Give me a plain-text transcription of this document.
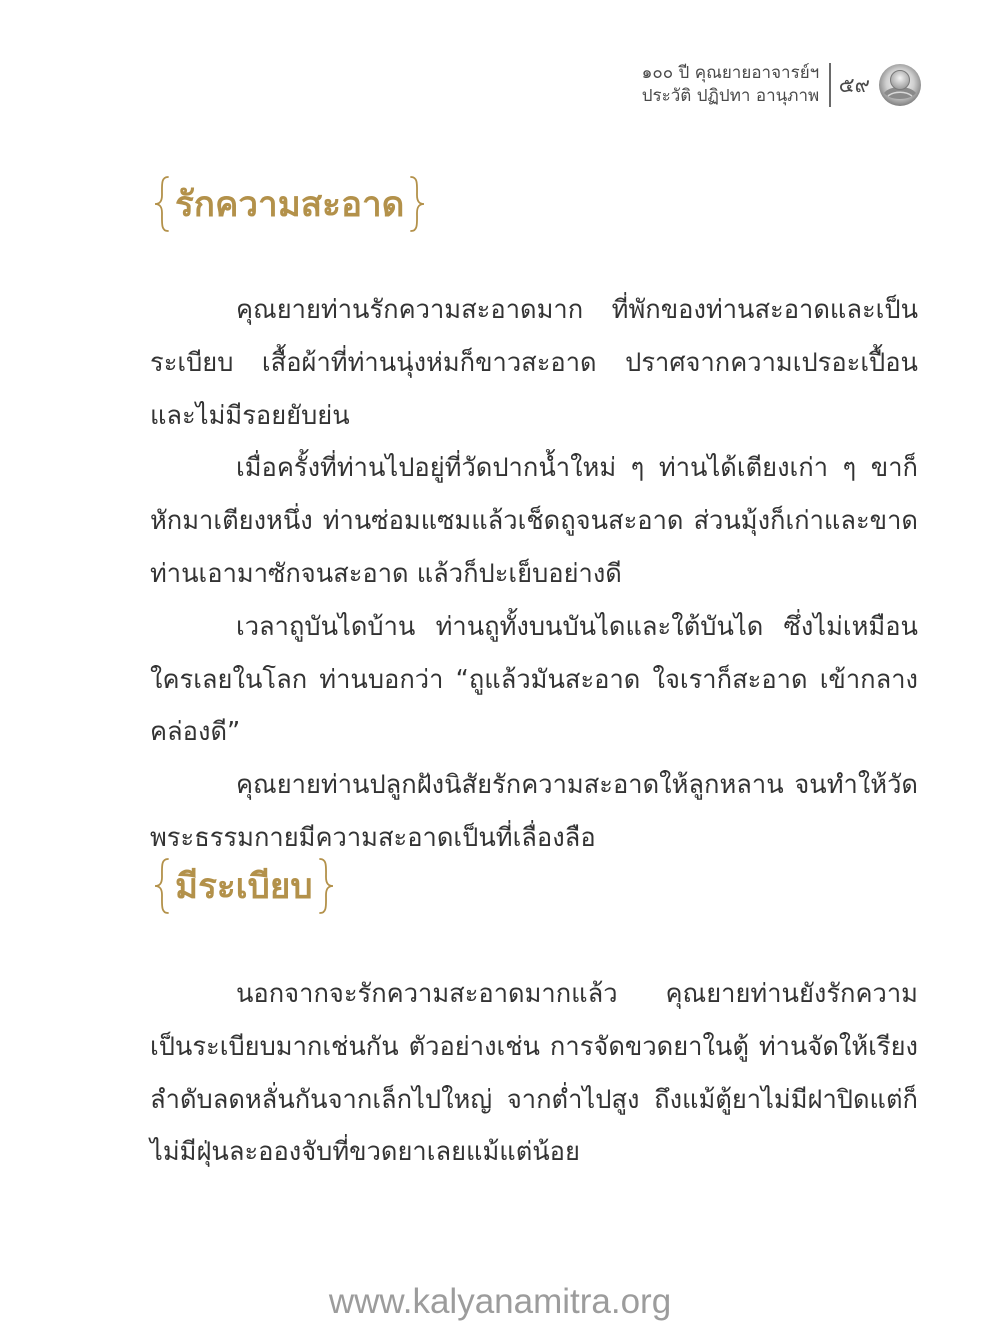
๑๐๐ ปี คุณยายอาจารย์ฯ
ประวัติ ปฏิปทา อานุภาพ ๕๙
รักความสะอาด

คุณยายท่านรักความสะอาดมาก ที่พักของท่านสะอาดและเป็นระเบียบ เสื้อผ้าที่ท่านนุ่งห่มก็ขาวสะอาด ปราศจากความเปรอะเปื้อนและไม่มีรอยยับย่น

เมื่อครั้งที่ท่านไปอยู่ที่วัดปากน้ำใหม่ ๆ ท่านได้เตียงเก่า ๆ ขาก็หักมาเตียงหนึ่ง ท่านซ่อมแซมแล้วเช็ดถูจนสะอาด ส่วนมุ้งก็เก่าและขาดท่านเอามาซักจนสะอาด แล้วก็ปะเย็บอย่างดี

เวลาถูบันไดบ้าน ท่านถูทั้งบนบันไดและใต้บันได ซึ่งไม่เหมือนใครเลยในโลก ท่านบอกว่า “ถูแล้วมันสะอาด ใจเราก็สะอาด เข้ากลางคล่องดี”

คุณยายท่านปลูกฝังนิสัยรักความสะอาดให้ลูกหลาน จนทำให้วัดพระธรรมกายมีความสะอาดเป็นที่เลื่องลือ

มีระเบียบ

นอกจากจะรักความสะอาดมากแล้ว คุณยายท่านยังรักความเป็นระเบียบมากเช่นกัน ตัวอย่างเช่น การจัดขวดยาในตู้ ท่านจัดให้เรียงลำดับลดหลั่นกันจากเล็กไปใหญ่ จากต่ำไปสูง ถึงแม้ตู้ยาไม่มีฝาปิดแต่ก็ไม่มีฝุ่นละอองจับที่ขวดยาเลยแม้แต่น้อย

www.kalyanamitra.org
